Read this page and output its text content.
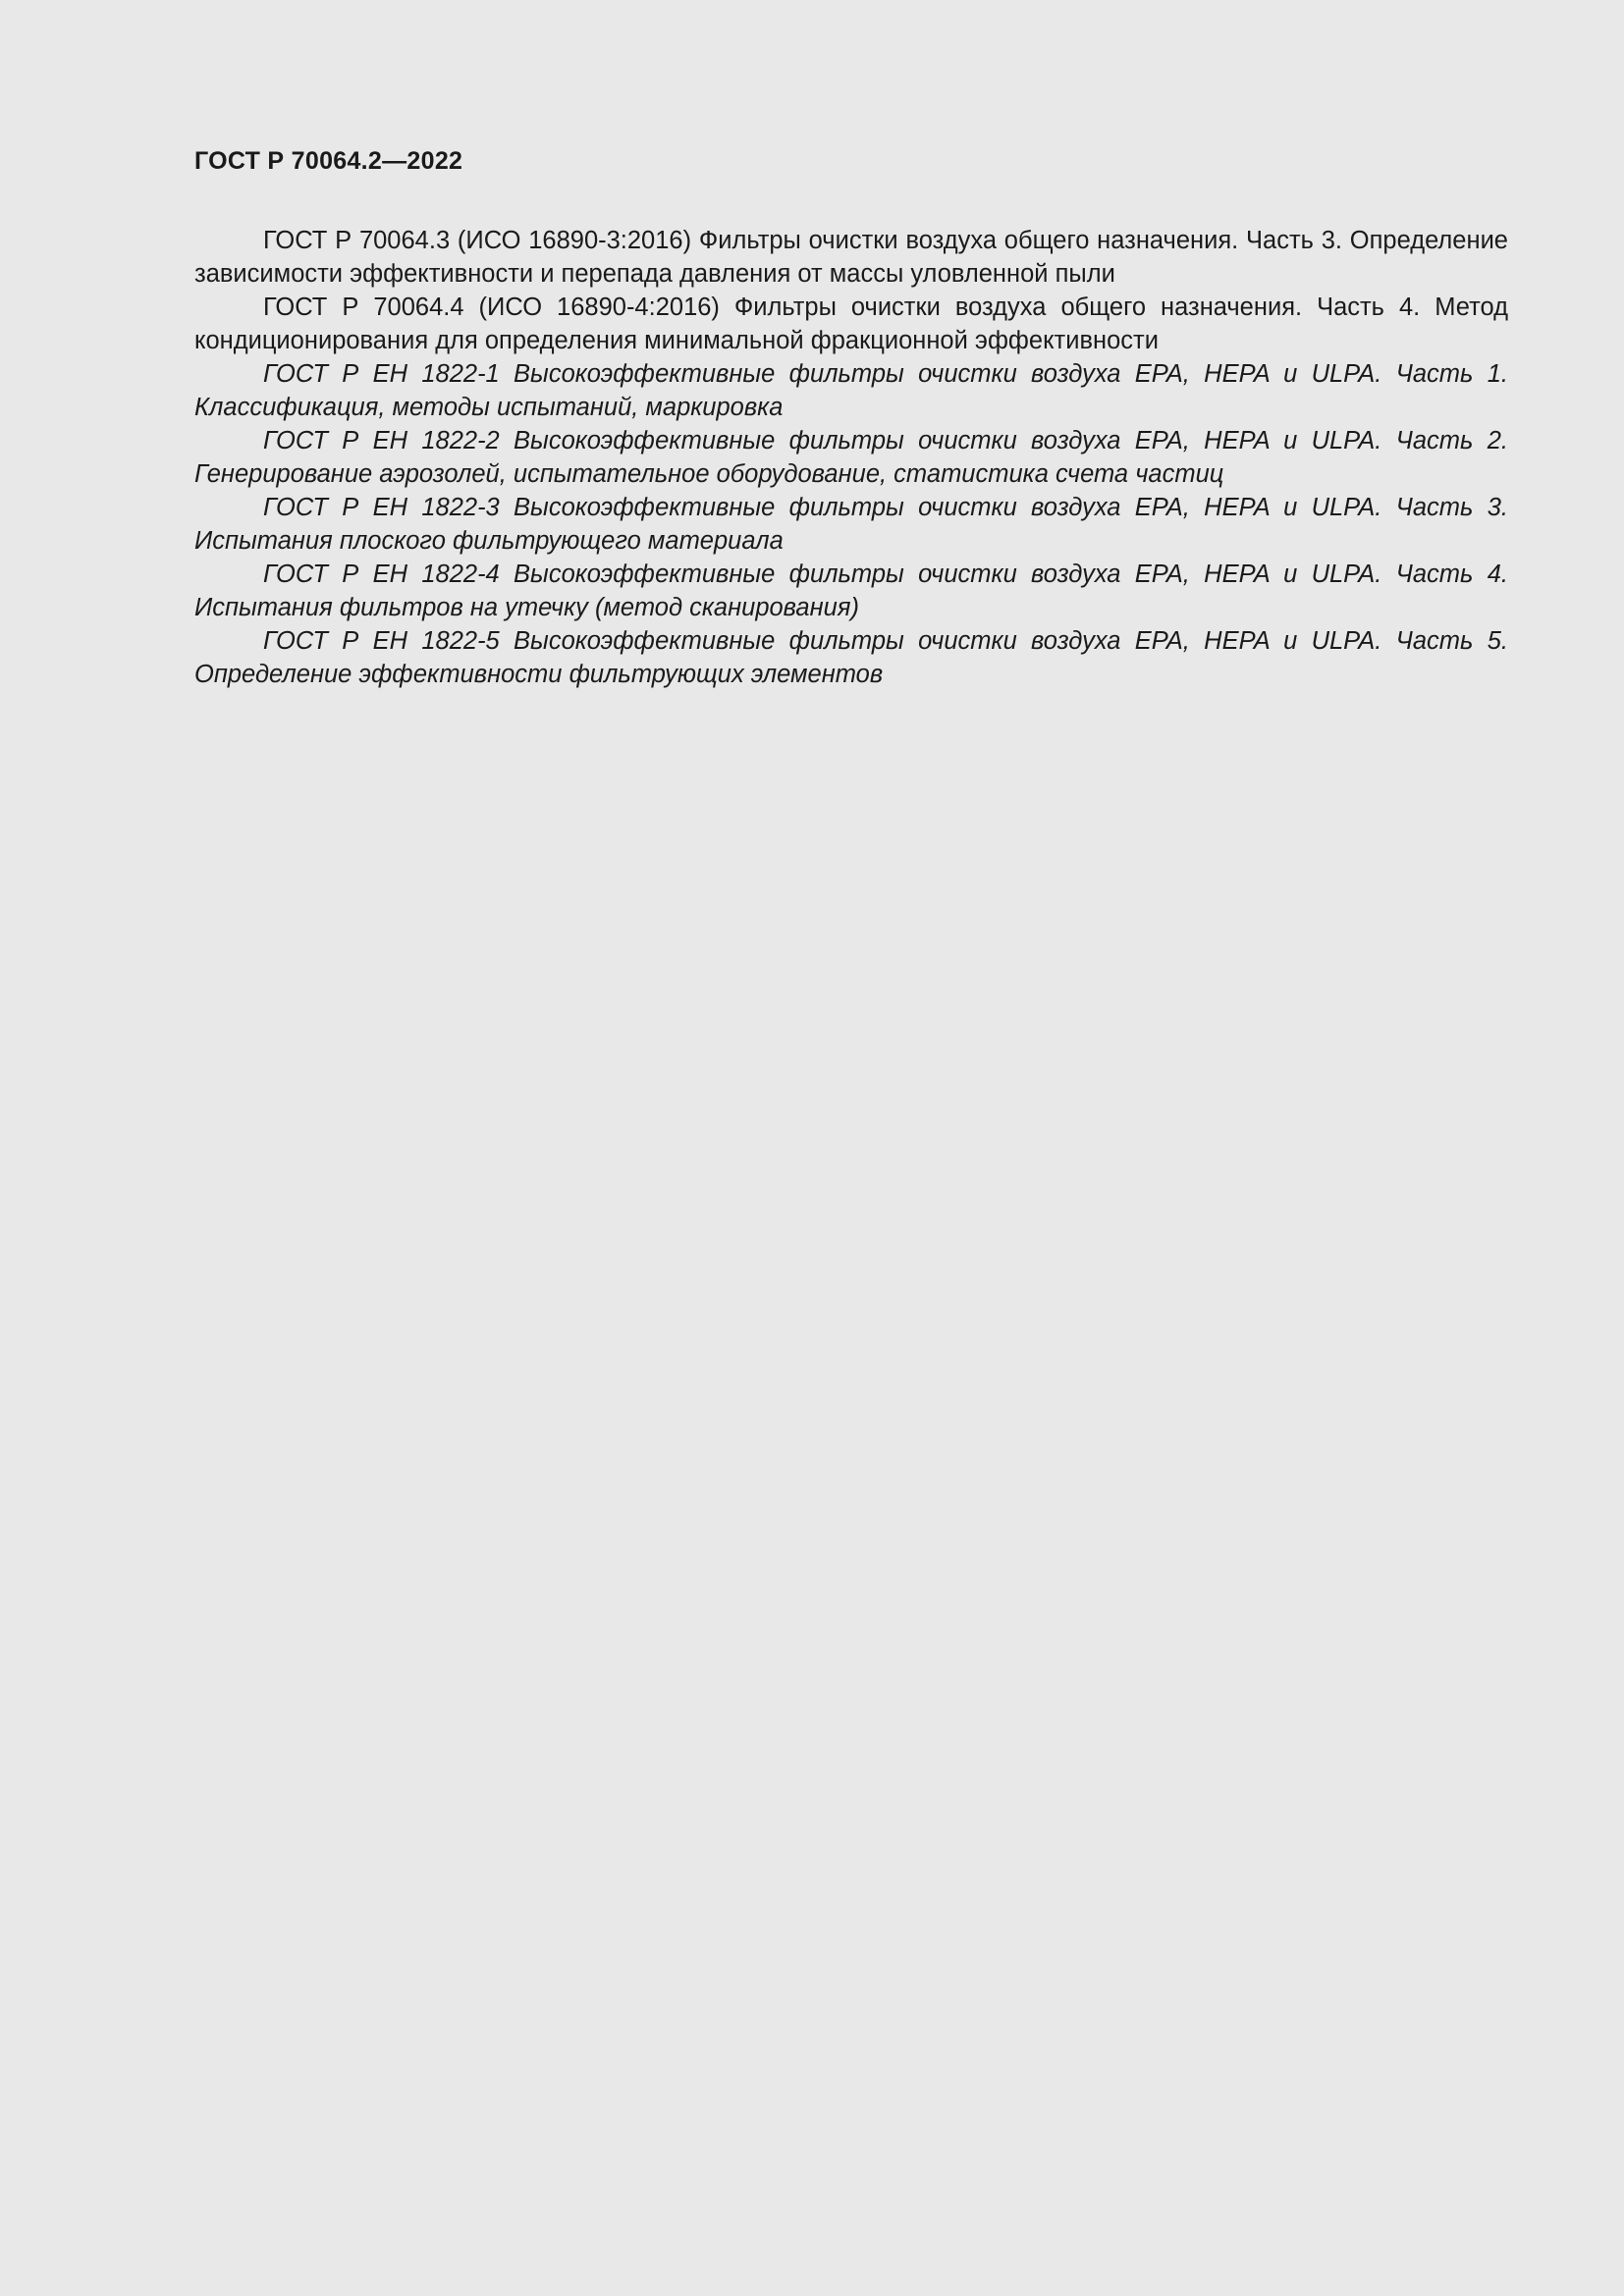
ГОСТ Р 70064.2—2022

ГОСТ Р 70064.3 (ИСО 16890-3:2016) Фильтры очистки воздуха общего назначения. Часть 3. Определение зависимости эффективности и перепада давления от массы уловленной пыли

ГОСТ Р 70064.4 (ИСО 16890-4:2016) Фильтры очистки воздуха общего назначения. Часть 4. Метод кондиционирования для определения минимальной фракционной эффективности

ГОСТ Р ЕН 1822-1 Высокоэффективные фильтры очистки воздуха ЕРА, HEPA и ULPA. Часть 1. Классификация, методы испытаний, маркировка

ГОСТ Р ЕН 1822-2 Высокоэффективные фильтры очистки воздуха ЕРА, HEPA и ULPA. Часть 2. Генерирование аэрозолей, испытательное оборудование, статистика счета частиц

ГОСТ Р ЕН 1822-3 Высокоэффективные фильтры очистки воздуха ЕРА, HEPA и ULPA. Часть 3. Испытания плоского фильтрующего материала

ГОСТ Р ЕН 1822-4 Высокоэффективные фильтры очистки воздуха ЕРА, HEPA и ULPA. Часть 4. Испытания фильтров на утечку (метод сканирования)

ГОСТ Р ЕН 1822-5 Высокоэффективные фильтры очистки воздуха ЕРА, HEPA и ULPA. Часть 5. Определение эффективности фильтрующих элементов
